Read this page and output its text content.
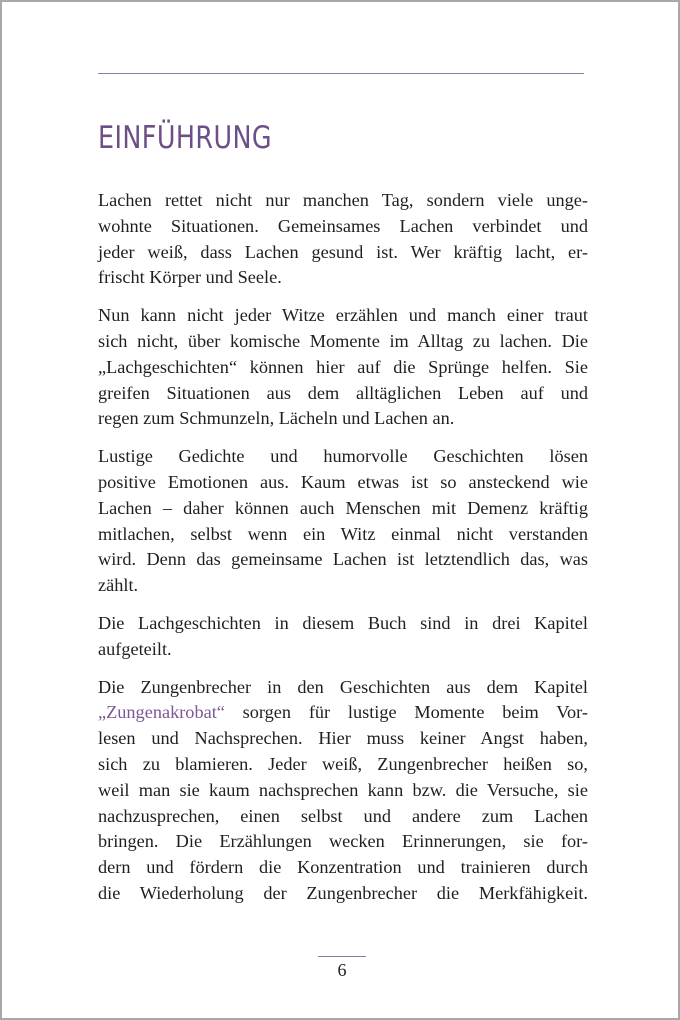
EINFÜHRUNG

Lachen rettet nicht nur manchen Tag, sondern viele unge-
wohnte Situationen. Gemeinsames Lachen verbindet und
jeder weiß, dass Lachen gesund ist. Wer kräftig lacht, er-
frischt Körper und Seele.

Nun kann nicht jeder Witze erzählen und manch einer traut
sich nicht, über komische Momente im Alltag zu lachen. Die
„Lachgeschichten“ können hier auf die Sprünge helfen. Sie
greifen Situationen aus dem alltäglichen Leben auf und
regen zum Schmunzeln, Lächeln und Lachen an.

Lustige Gedichte und humorvolle Geschichten lösen
positive Emotionen aus. Kaum etwas ist so ansteckend wie
Lachen – daher können auch Menschen mit Demenz kräftig
mitlachen, selbst wenn ein Witz einmal nicht verstanden
wird. Denn das gemeinsame Lachen ist letztendlich das, was
zählt.

Die Lachgeschichten in diesem Buch sind in drei Kapitel
aufgeteilt.

Die Zungenbrecher in den Geschichten aus dem Kapitel
„Zungenakrobat“ sorgen für lustige Momente beim Vor-
lesen und Nachsprechen. Hier muss keiner Angst haben,
sich zu blamieren. Jeder weiß, Zungenbrecher heißen so,
weil man sie kaum nachsprechen kann bzw. die Versuche, sie
nachzusprechen, einen selbst und andere zum Lachen
bringen. Die Erzählungen wecken Erinnerungen, sie for-
dern und fördern die Konzentration und trainieren durch
die Wiederholung der Zungenbrecher die Merkfähigkeit.

6
